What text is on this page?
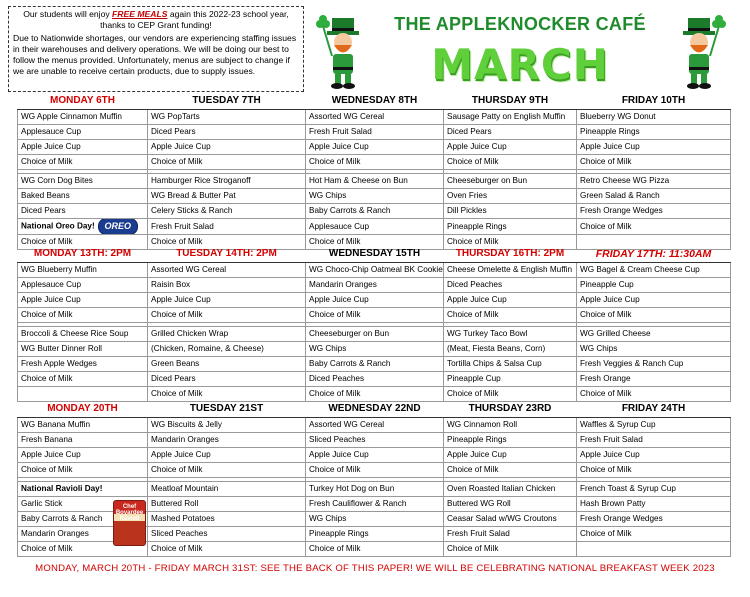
Our students will enjoy FREE MEALS again this 2022-23 school year, thanks to CEP Grant funding!
Due to Nationwide shortages, our vendors are experiencing staffing issues in their warehouses and delivery operations. We will be doing our best to follow the menus provided. Unfortunately, menus are subject to change if we are unable to receive certain products, due to supply issues.
THE APPLEKNOCKER CAFÉ
MARCH
MONDAY 6TH	TUESDAY 7TH	WEDNESDAY 8TH	THURSDAY 9TH	FRIDAY 10TH
WG Apple Cinnamon Muffin	WG PopTarts	Assorted WG Cereal	Sausage Patty on English Muffin	Blueberry WG Donut
Applesauce Cup	Diced Pears	Fresh Fruit Salad	Diced Pears	Pineapple Rings
Apple Juice Cup	Apple Juice Cup	Apple Juice Cup	Apple Juice Cup	Apple Juice Cup
Choice of Milk	Choice of Milk	Choice of Milk	Choice of Milk	Choice of Milk

WG Corn Dog Bites	Hamburger Rice Stroganoff	Hot Ham & Cheese on Bun	Cheeseburger on Bun	Retro Cheese WG Pizza
Baked Beans	WG Bread & Butter Pat	WG Chips	Oven Fries	Green Salad & Ranch
Diced Pears	Celery Sticks & Ranch	Baby Carrots & Ranch	Dill Pickles	Fresh Orange Wedges
National Oreo Day! OREO	Fresh Fruit Salad	Applesauce Cup	Pineapple Rings	Choice of Milk
Choice of Milk	Choice of Milk	Choice of Milk	Choice of Milk	
MONDAY 13TH: 2PM	TUESDAY 14TH: 2PM	WEDNESDAY 15TH	THURSDAY 16TH: 2PM	FRIDAY 17TH: 11:30AM
WG Blueberry Muffin	Assorted WG Cereal	WG Choco-Chip Oatmeal BK Cookie	Cheese Omelette & English Muffin	WG Bagel & Cream Cheese Cup
Applesauce Cup	Raisin Box	Mandarin Oranges	Diced Peaches	Pineapple Cup
Apple Juice Cup	Apple Juice Cup	Apple Juice Cup	Apple Juice Cup	Apple Juice Cup
Choice of Milk	Choice of Milk	Choice of Milk	Choice of Milk	Choice of Milk

Broccoli & Cheese Rice Soup	Grilled Chicken Wrap	Cheeseburger on Bun	WG Turkey Taco Bowl	WG Grilled Cheese
WG Butter Dinner Roll	(Chicken, Romaine, & Cheese)	WG Chips	(Meat, Fiesta Beans, Corn)	WG Chips
Fresh Apple Wedges	Green Beans	Baby Carrots & Ranch	Tortilla Chips & Salsa Cup	Fresh Veggies & Ranch Cup
Choice of Milk	Diced Pears	Diced Peaches	Pineapple Cup	Fresh Orange
	Choice of Milk	Choice of Milk	Choice of Milk	Choice of Milk
MONDAY 20TH	TUESDAY 21ST	WEDNESDAY 22ND	THURSDAY 23RD	FRIDAY 24TH
WG Banana Muffin	WG Biscuits & Jelly	Assorted WG Cereal	WG Cinnamon Roll	Waffles & Syrup Cup
Fresh Banana	Mandarin Oranges	Sliced Peaches	Pineapple Rings	Fresh Fruit Salad
Apple Juice Cup	Apple Juice Cup	Apple Juice Cup	Apple Juice Cup	Apple Juice Cup
Choice of Milk	Choice of Milk	Choice of Milk	Choice of Milk	Choice of Milk

National Ravioli Day!	Meatloaf Mountain	Turkey Hot Dog on Bun	Oven Roasted Italian Chicken	French Toast & Syrup Cup
Garlic Stick	Buttered Roll	Fresh Cauliflower & Ranch	Buttered WG Roll	Hash Brown Patty
Baby Carrots & Ranch	Mashed Potatoes	WG Chips	Ceasar Salad w/WG Croutons	Fresh Orange Wedges
Mandarin Oranges	Sliced Peaches	Pineapple Rings	Fresh Fruit Salad	Choice of Milk
Choice of Milk	Choice of Milk	Choice of Milk	Choice of Milk	
Chef Boyardee Ravioli
MONDAY, MARCH 20TH - FRIDAY MARCH 31ST: SEE THE BACK OF THIS PAPER! WE WILL BE CELEBRATING NATIONAL BREAKFAST WEEK 2023
